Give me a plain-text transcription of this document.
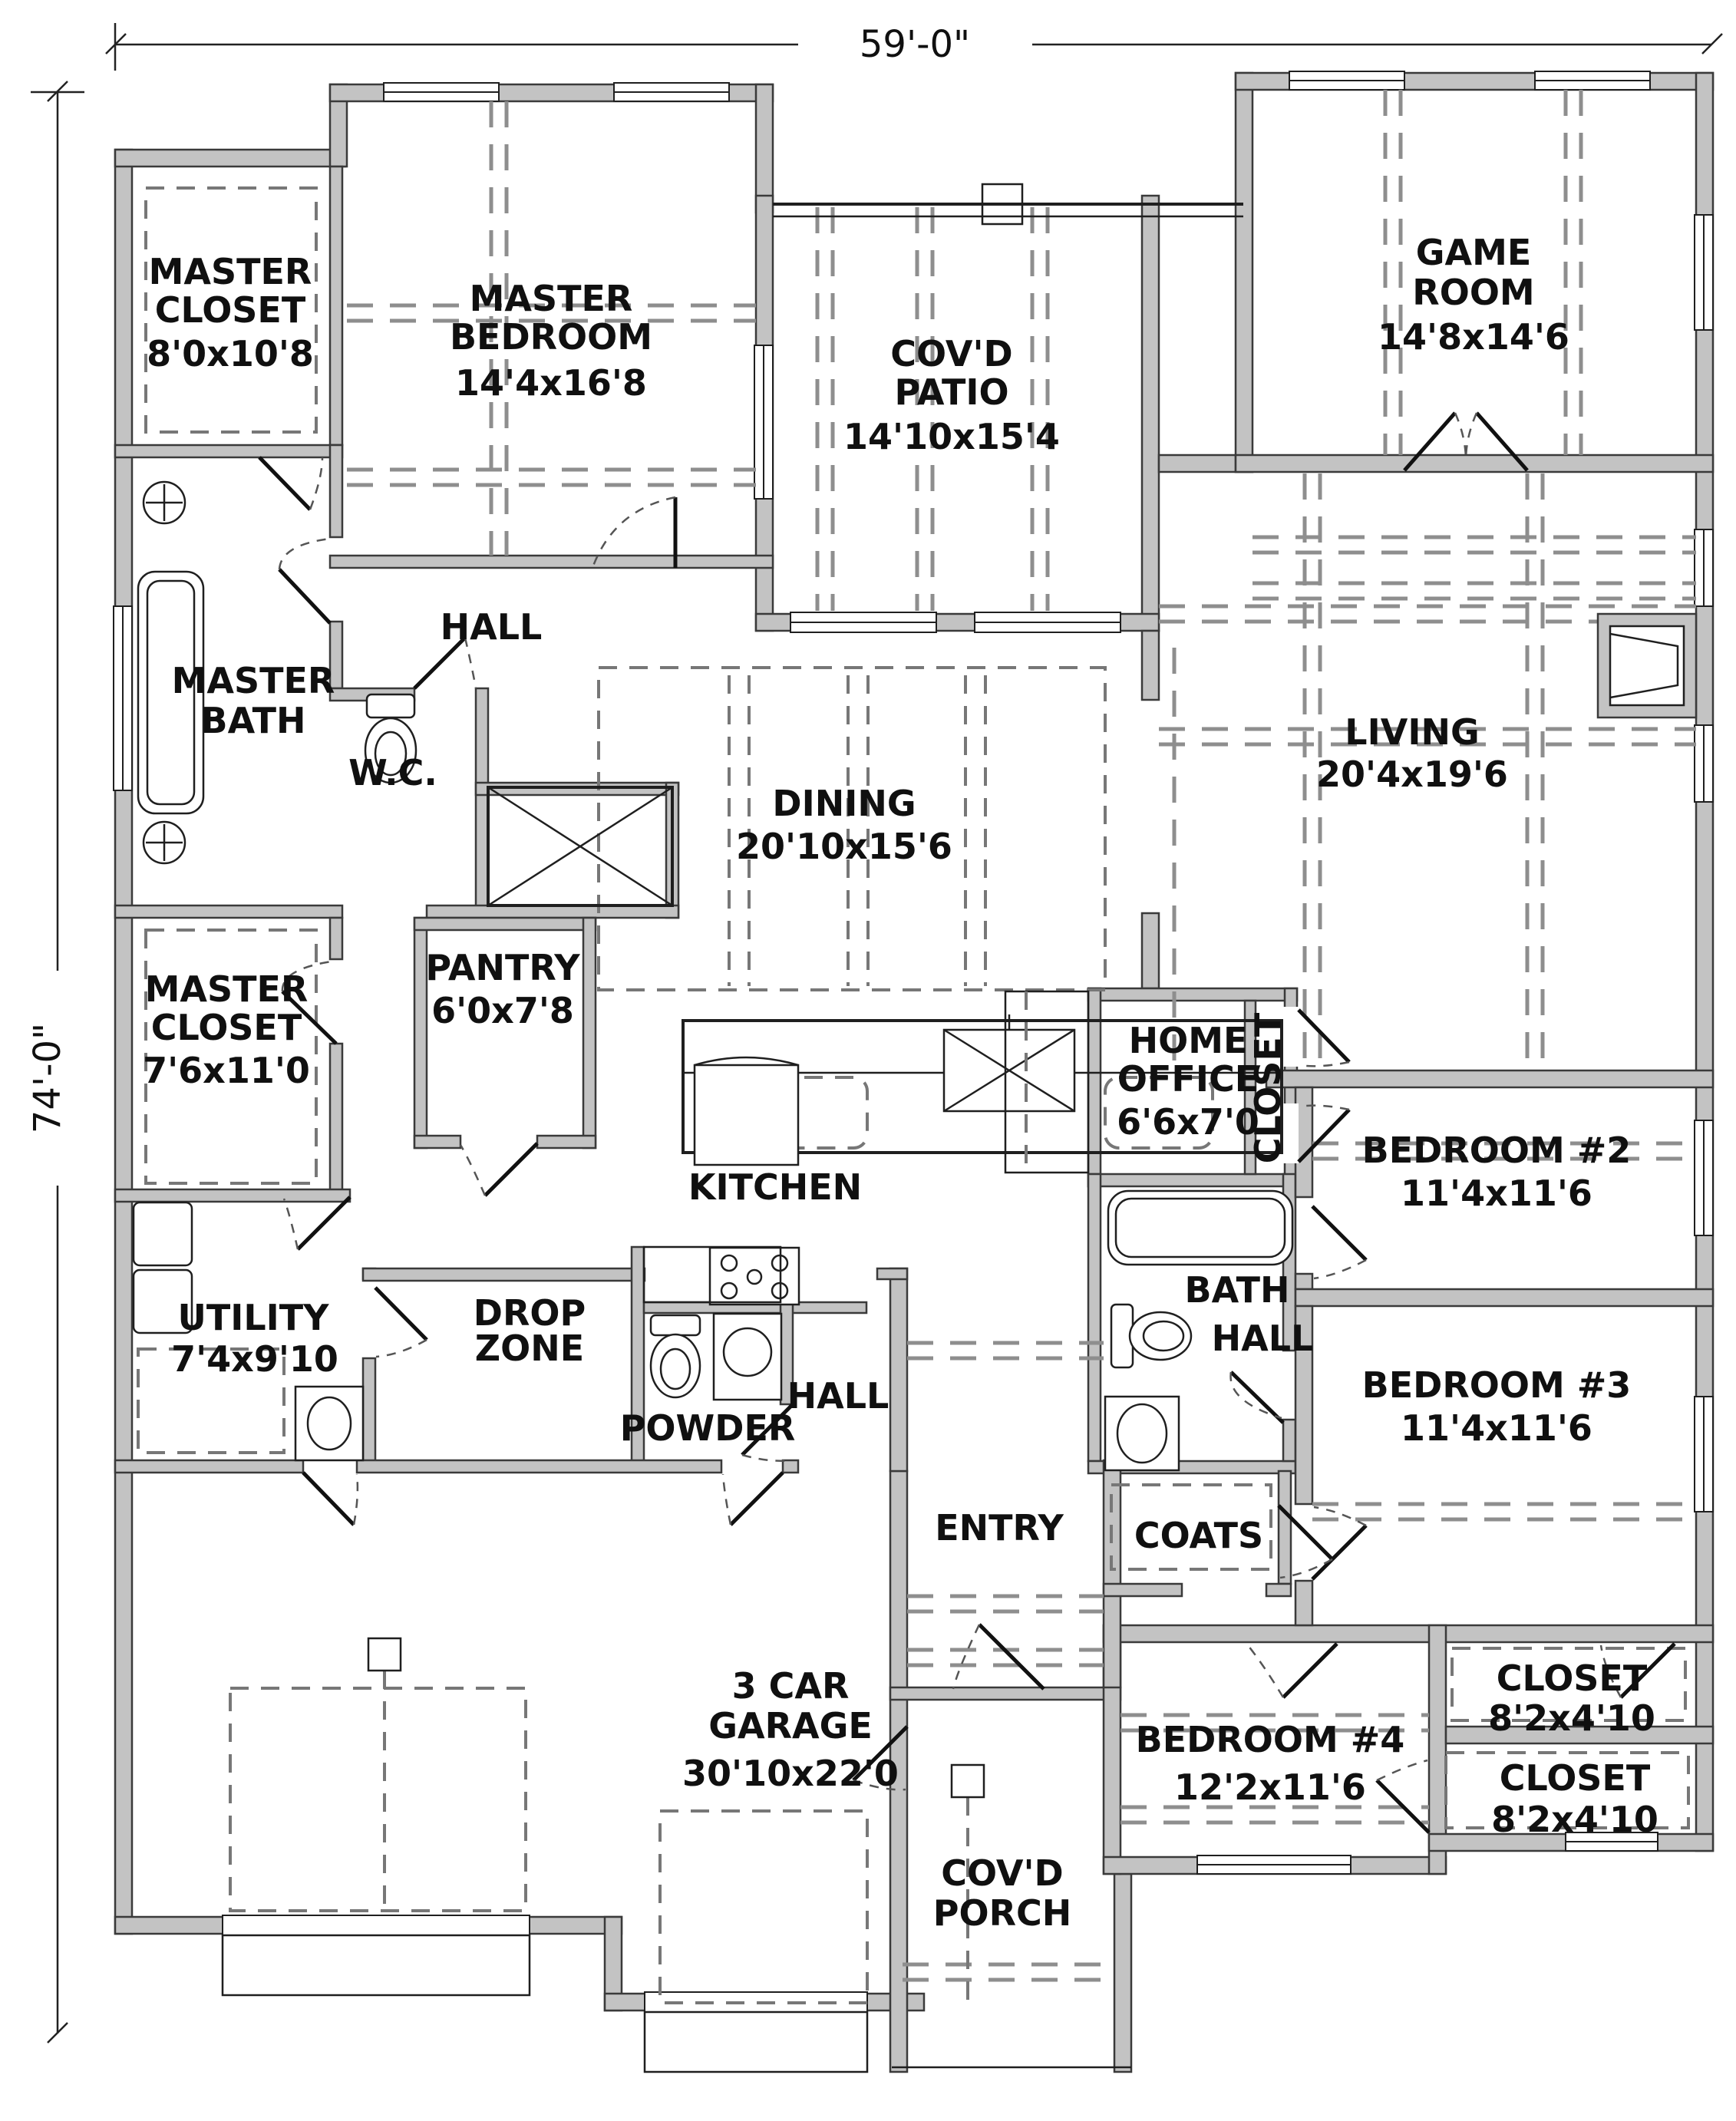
59'-0"
74'-0"
MASTER
CLOSET
8'0x10'8
MASTER
BEDROOM
14'4x16'8
COV'D
PATIO
14'10x15'4
GAME
ROOM
14'8x14'6
HALL
MASTER
BATH
W.C.
LIVING
20'4x19'6
DINING
20'10x15'6
MASTER
CLOSET
7'6x11'0
PANTRY
6'0x7'8
KITCHEN
HOME
OFFICE
6'6x7'0
CLOSET BEDROOM #2
11'4x11'6
UTILITY
7'4x9'10
DROP
ZONE
POWDER
HALL
BATH
HALL
BEDROOM #3
11'4x11'6
ENTRY COATS
3 CAR
GARAGE
30'10x22'0
CLOSET
8'2x4'10
BEDROOM #4
12'2x11'6
COV'D
PORCH
CLOSET
8'2x4'10
